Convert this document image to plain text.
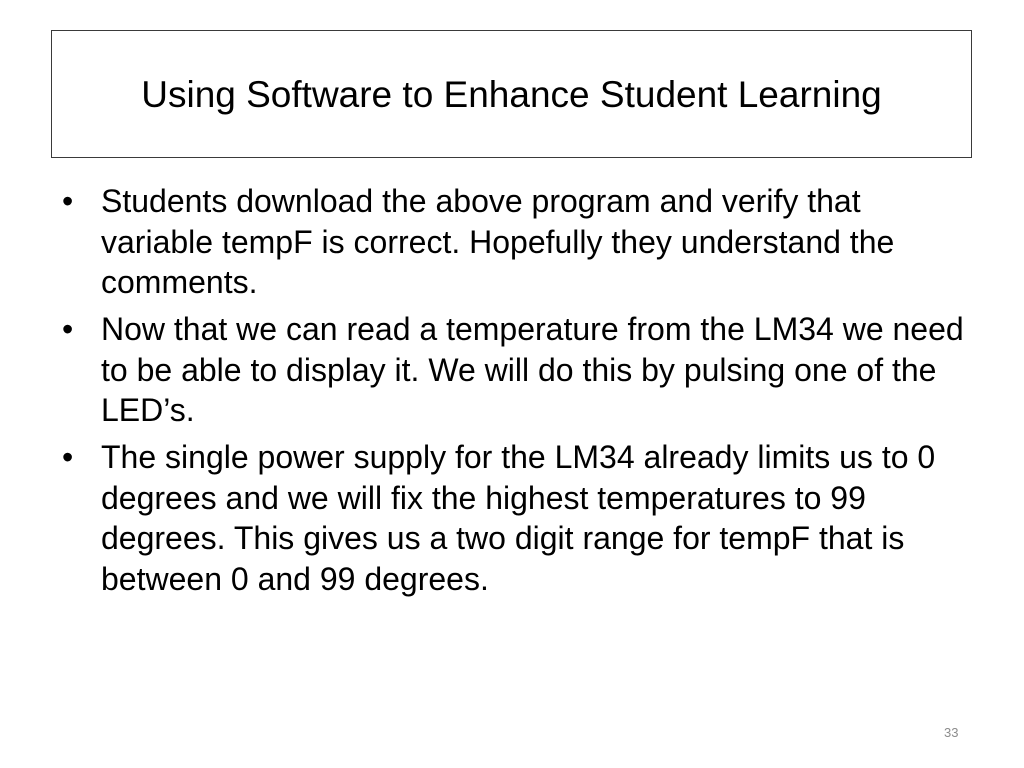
Using Software to Enhance Student Learning
• Students download the above program and verify that variable tempF is correct. Hopefully they understand the comments.
• Now that we can read a temperature from the LM34 we need to be able to display it. We will do this by pulsing one of the LED’s.
• The single power supply for the LM34 already limits us to 0 degrees and we will fix the highest temperatures to 99 degrees. This gives us a two digit range for tempF that is between 0 and 99 degrees.
33
